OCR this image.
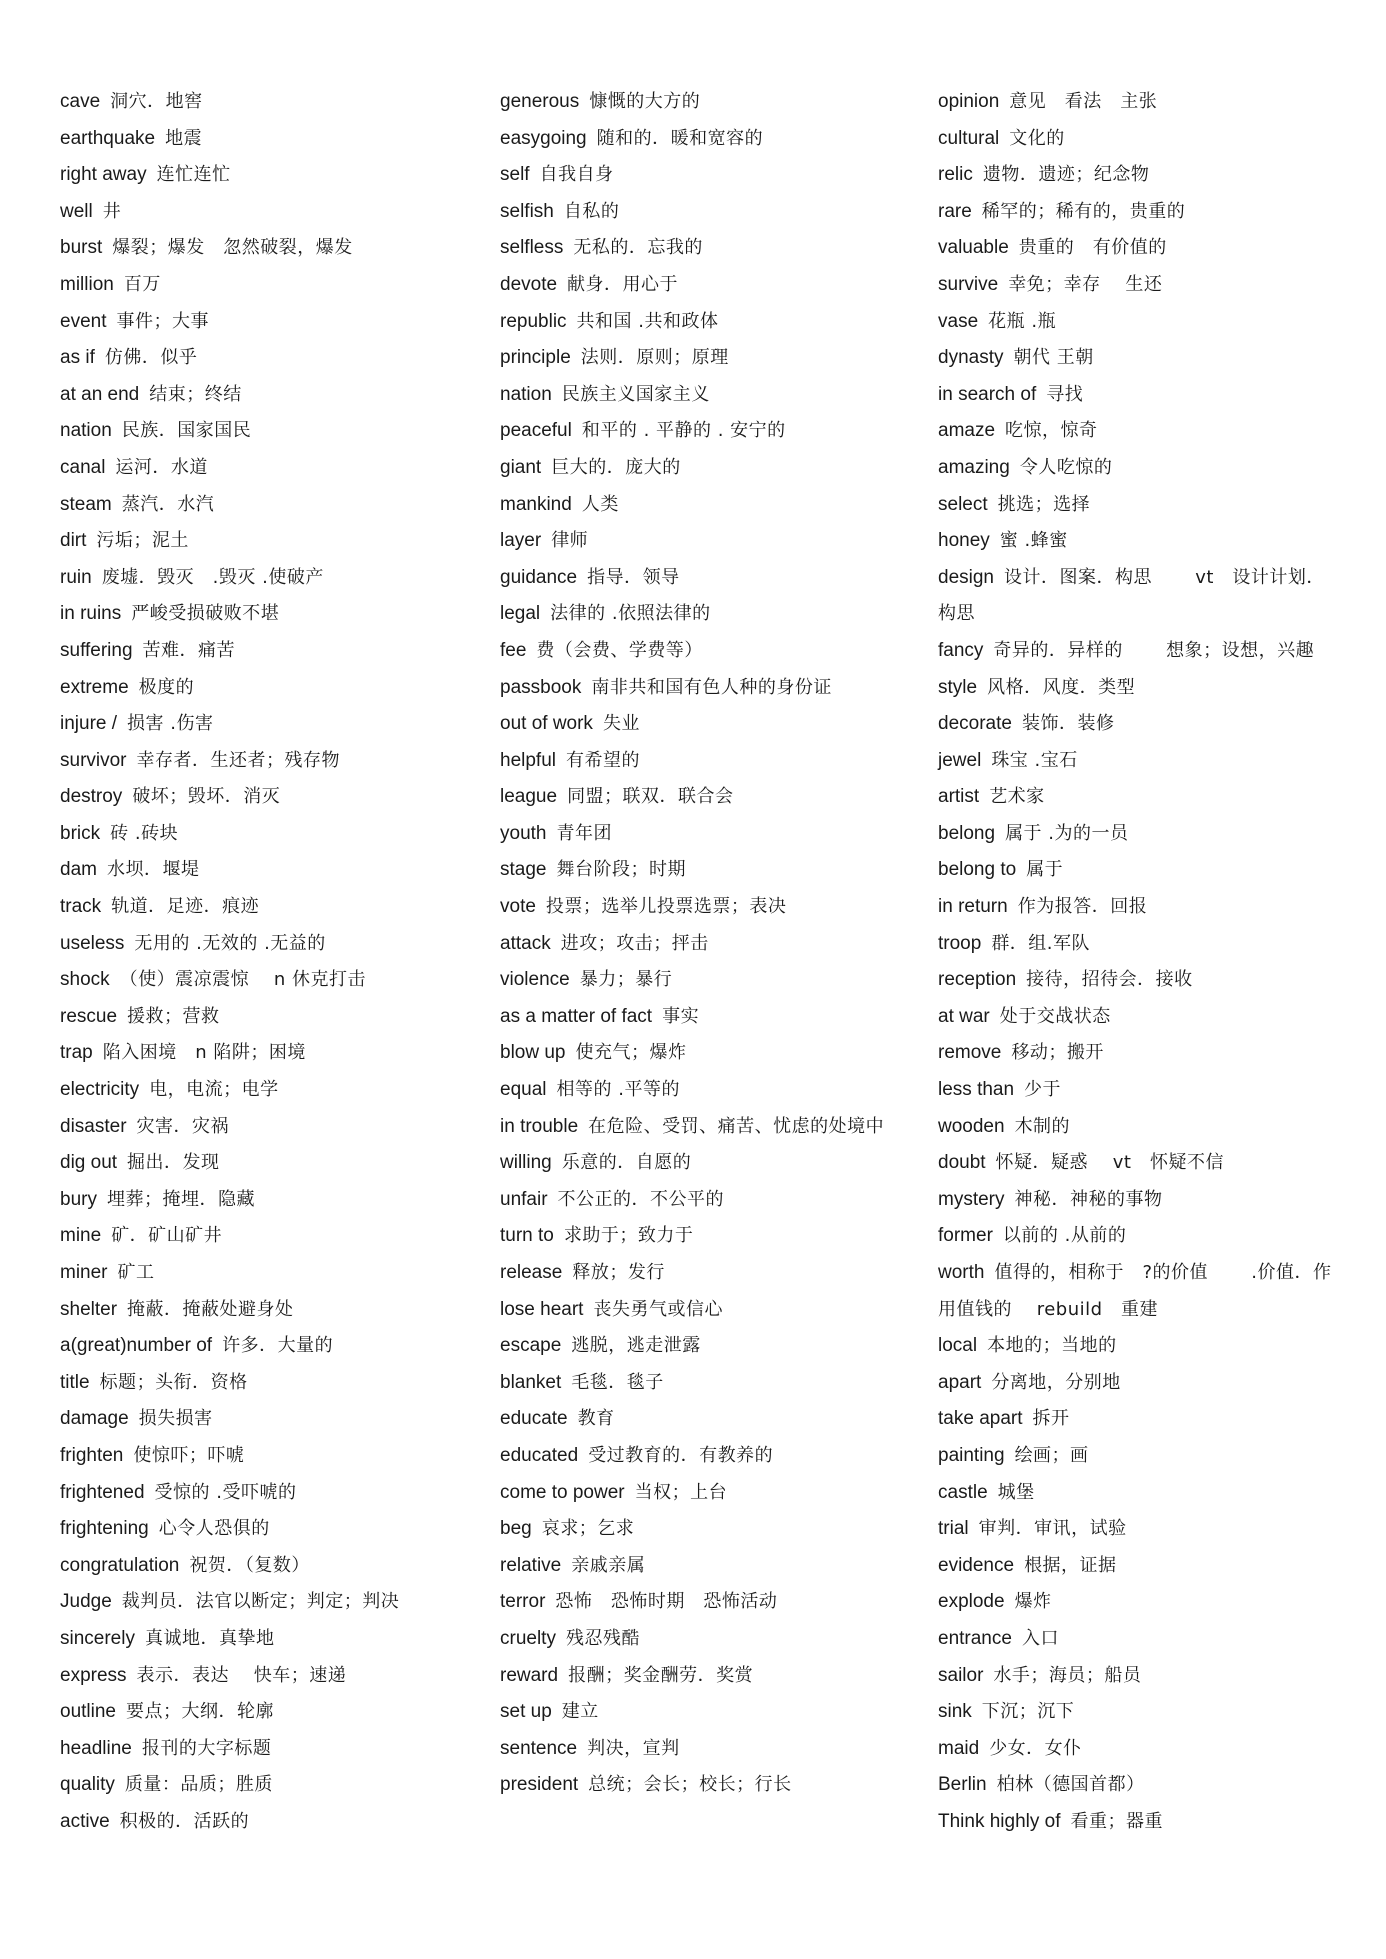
cave 洞穴．地窖
earthquake 地震
right away 连忙连忙
well 井
burst 爆裂；爆发　忽然破裂，爆发
million 百万
event 事件；大事
as if 仿佛．似乎
at an end 结束；终结
nation 民族．国家国民
canal 运河．水道
steam 蒸汽．水汽
dirt 污垢；泥土
ruin 废墟．毁灭　.毁灭 .使破产
in ruins 严峻受损破败不堪
suffering 苦难．痛苦
extreme 极度的
injure / 损害 .伤害
survivor 幸存者．生还者；残存物
destroy 破坏；毁坏．消灭
brick 砖 .砖块
dam 水坝．堰堤
track 轨道．足迹．痕迹
useless 无用的 .无效的 .无益的
shock （使）震凉震惊　 n 休克打击
rescue 援救；营救
trap 陷入困境　n 陷阱；困境
electricity 电，电流；电学
disaster 灾害．灾祸
dig out 掘出．发现
bury 埋葬；掩埋．隐藏
mine 矿．矿山矿井
miner 矿工
shelter 掩蔽．掩蔽处避身处
a(great)number of 许多．大量的
title 标题；头衔．资格
damage 损失损害
frighten 使惊吓；吓唬
frightened 受惊的 .受吓唬的
frightening 心令人恐俱的
congratulation 祝贺．（复数）
Judge 裁判员．法官以断定；判定；判决
sincerely 真诚地．真挚地
express 表示．表达　 快车；速递
outline 要点；大纲．轮廓
headline 报刊的大字标题
quality 质量：品质；胜质
active 积极的．活跃的
generous 慷慨的大方的
easygoing 随和的．暖和宽容的
self 自我自身
selfish 自私的
selfless 无私的．忘我的
devote 献身．用心于
republic 共和国 .共和政体
principle 法则．原则；原理
nation 民族主义国家主义
peaceful 和平的 . 平静的 . 安宁的
giant 巨大的．庞大的
mankind 人类
layer 律师
guidance 指导．领导
legal 法律的 .依照法律的
fee 费（会费、学费等）
passbook 南非共和国有色人种的身份证
out of work 失业
helpful 有希望的
league 同盟；联双．联合会
youth 青年团
stage 舞台阶段；时期
vote 投票；选举儿投票选票；表决
attack 进攻；攻击；抨击
violence 暴力；暴行
as a matter of fact 事实
blow up 使充气；爆炸
equal 相等的 .平等的
in trouble 在危险、受罚、痛苦、忧虑的处境中
willing 乐意的．自愿的
unfair 不公正的．不公平的
turn to 求助于；致力于
release 释放；发行
lose heart 丧失勇气或信心
escape 逃脱，逃走泄露
blanket 毛毯．毯子
educate 教育
educated 受过教育的．有教养的
come to power 当权；上台
beg 哀求；乞求
relative 亲戚亲属
terror 恐怖　恐怖时期　恐怖活动
cruelty 残忍残酷
reward 报酬；奖金酬劳．奖赏
set up 建立
sentence 判决，宣判
president 总统；会长；校长；行长
opinion 意见　看法　主张
cultural 文化的
relic 遗物．遗迹；纪念物
rare 稀罕的；稀有的，贵重的
valuable 贵重的　有价值的
survive 幸免；幸存　 生还
vase 花瓶 .瓶
dynasty 朝代 王朝
in search of 寻找
amaze 吃惊，惊奇
amazing 令人吃惊的
select 挑选；选择
honey 蜜 .蜂蜜
design 设计．图案．构思　　 vt　设计计划．构思
fancy 奇异的．异样的　　 想象；设想，兴趣
style 风格．风度．类型
decorate 装饰．装修
jewel 珠宝 .宝石
artist 艺术家
belong 属于 .为的一员
belong to 属于
in return 作为报答．回报
troop 群．组.军队
reception 接待，招待会．接收
at war 处于交战状态
remove 移动；搬开
less than 少于
wooden 木制的
doubt 怀疑．疑惑　 vt　怀疑不信
mystery 神秘．神秘的事物
former 以前的 .从前的
worth 值得的，相称于　?的价值　　 .价值．作用值钱的　 rebuild　重建
local 本地的；当地的
apart 分离地，分别地
take apart 拆开
painting 绘画；画
castle 城堡
trial 审判．审讯，试验
evidence 根据，证据
explode 爆炸
entrance 入口
sailor 水手；海员；船员
sink 下沉；沉下
maid 少女．女仆
Berlin 柏林（德国首都）
Think highly of 看重；器重
